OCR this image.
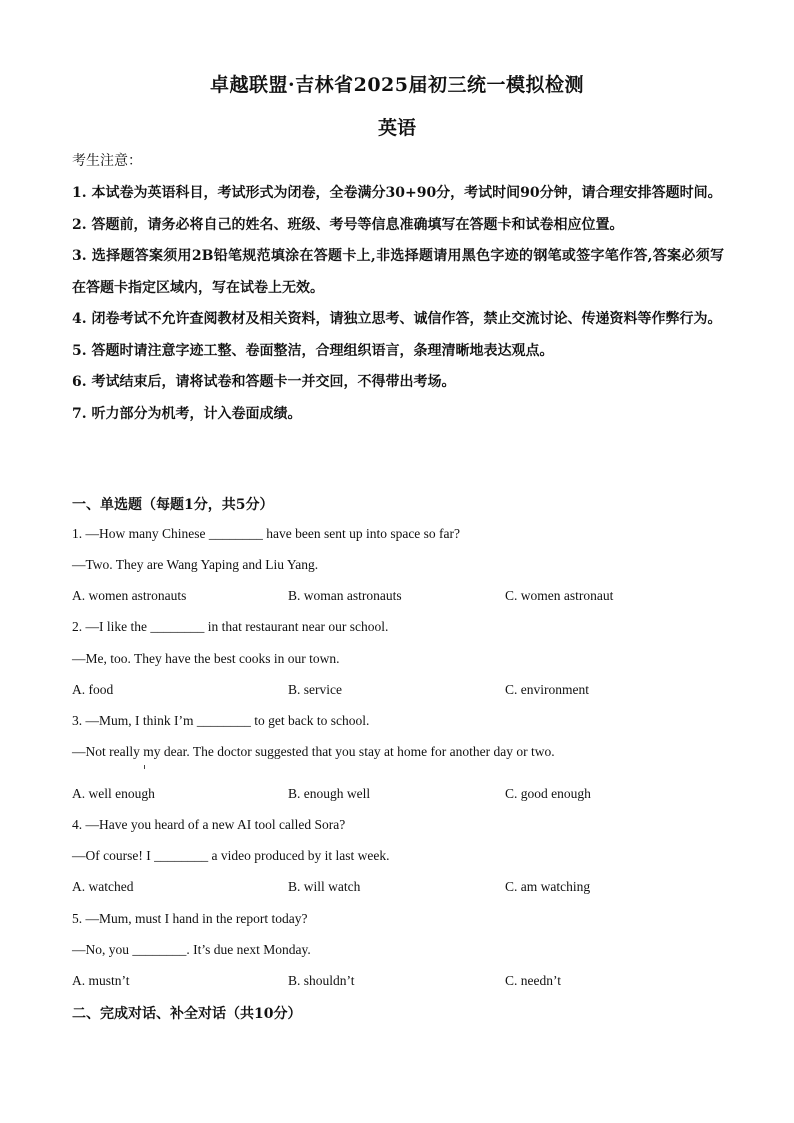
卓越联盟·吉林省2025届初三统一模拟检测
英语
考生注意：

1. 本试卷为英语科目，考试形式为闭卷，全卷满分30+90分，考试时间90分钟，请合理安排答题时间。

2. 答题前，请务必将自己的姓名、班级、考号等信息准确填写在答题卡和试卷相应位置。

3. 选择题答案须用2B铅笔规范填涂在答题卡上,非选择题请用黑色字迹的钢笔或签字笔作答,答案必须写在答题卡指定区域内，写在试卷上无效。

4. 闭卷考试不允许查阅教材及相关资料，请独立思考、诚信作答，禁止交流讨论、传递资料等作弊行为。

5. 答题时请注意字迹工整、卷面整洁，合理组织语言，条理清晰地表达观点。

6. 考试结束后，请将试卷和答题卡一并交回，不得带出考场。

7. 听力部分为机考，计入卷面成绩。

一、单选题（每题1分，共5分）
1. —How many Chinese ________ have been sent up into space so far?
—Two. They are Wang Yaping and Liu Yang.
A. women astronauts	B. woman astronauts	C. women astronaut
2. —I like the ________ in that restaurant near our school.
—Me, too. They have the best cooks in our town.
A. food	B. service	C. environment
3. —Mum, I think I’m ________ to get back to school.
—Not really my dear. The doctor suggested that you stay at home for another day or two.
A. well enough	B. enough well	C. good enough
4. —Have you heard of a new AI tool called Sora?
—Of course! I ________ a video produced by it last week.
A. watched	B. will watch	C. am watching
5. —Mum, must I hand in the report today?
—No, you ________. It’s due next Monday.
A. mustn’t	B. shouldn’t	C. needn’t
二、完成对话、补全对话（共10分）
